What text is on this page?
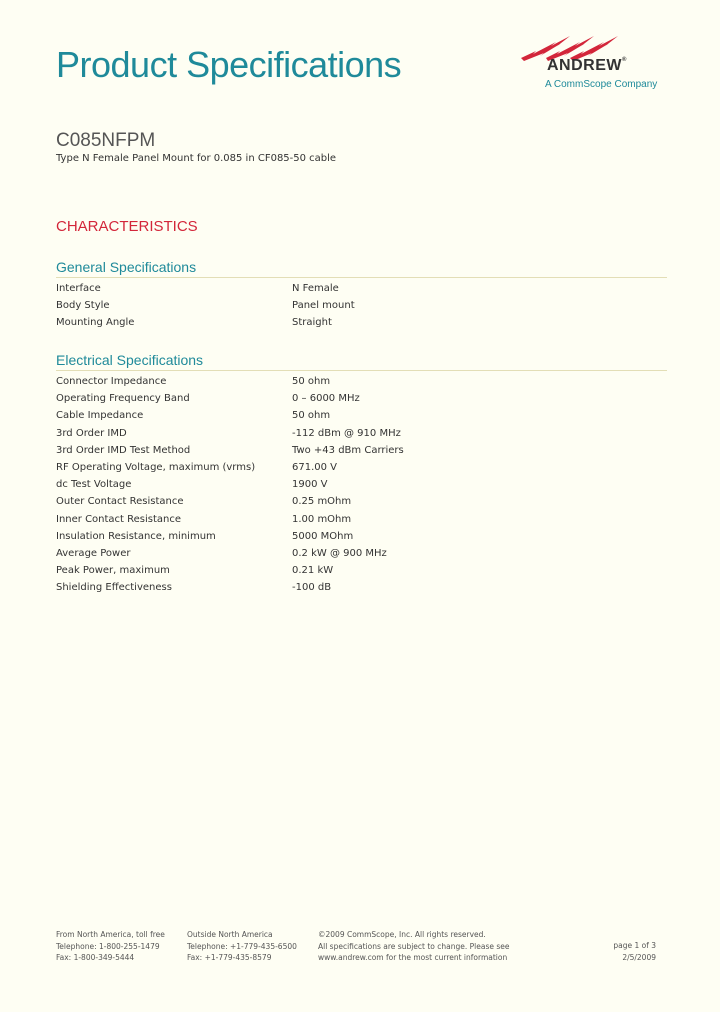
Product Specifications	ANDREW®
A CommScope Company
C085NFPM
Type N Female Panel Mount for 0.085 in CF085-50 cable
CHARACTERISTICS
General Specifications
Interface	N Female
Body Style	Panel mount
Mounting Angle	Straight
Electrical Specifications
Connector Impedance	50 ohm
Operating Frequency Band	0 – 6000 MHz
Cable Impedance	50 ohm
3rd Order IMD	-112 dBm @ 910 MHz
3rd Order IMD Test Method	Two +43 dBm Carriers
RF Operating Voltage, maximum (vrms)	671.00 V
dc Test Voltage	1900 V
Outer Contact Resistance	0.25 mOhm
Inner Contact Resistance	1.00 mOhm
Insulation Resistance, minimum	5000 MOhm
Average Power	0.2 kW @ 900 MHz
Peak Power, maximum	0.21 kW
Shielding Effectiveness	-100 dB
From North America, toll free
Telephone: 1-800-255-1479
Fax: 1-800-349-5444
Outside North America
Telephone: +1-779-435-6500
Fax: +1-779-435-8579
©2009 CommScope, Inc. All rights reserved.
All specifications are subject to change. Please see
www.andrew.com for the most current information
page 1 of 3
2/5/2009
